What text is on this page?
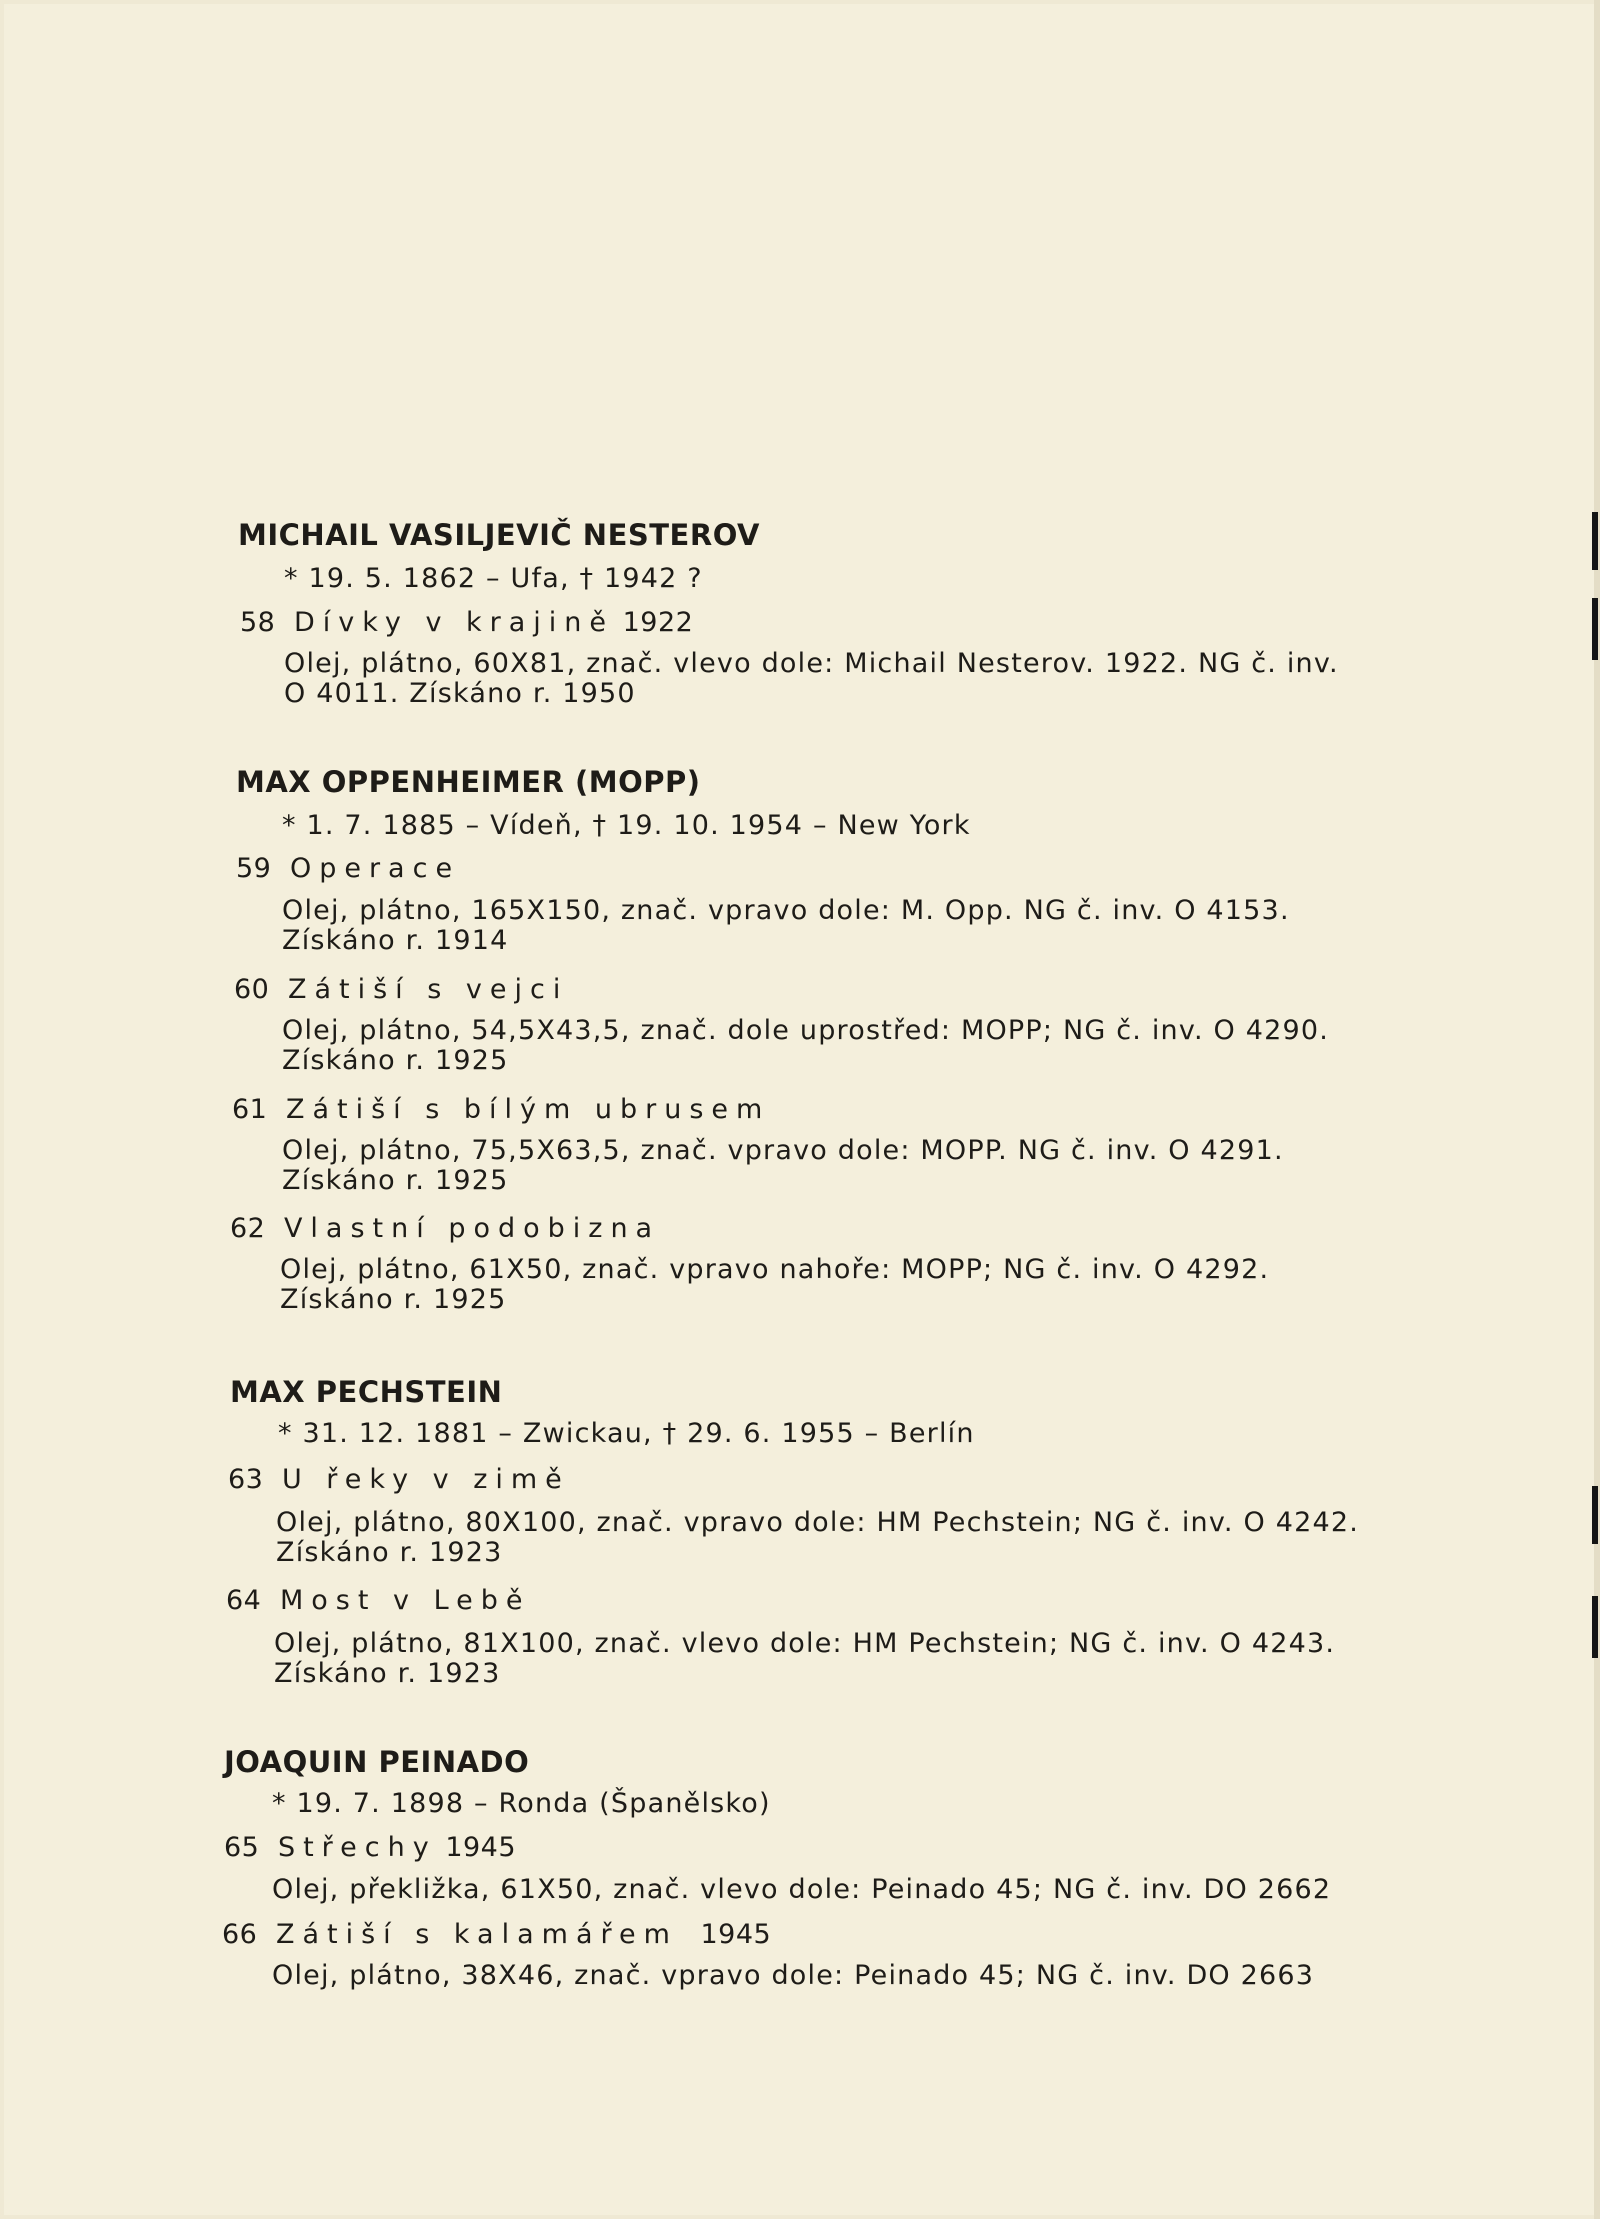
MICHAIL VASILJEVIČ NESTEROV
* 19. 5. 1862 – Ufa, † 1942 ?
58 Dívky v krajině 1922
Olej, plátno, 60X81, znač. vlevo dole: Michail Nesterov. 1922. NG č. inv.
O 4011. Získáno r. 1950
MAX OPPENHEIMER (MOPP)
* 1. 7. 1885 – Vídeň, † 19. 10. 1954 – New York
59 Operace
Olej, plátno, 165X150, znač. vpravo dole: M. Opp. NG č. inv. O 4153.
Získáno r. 1914
60 Zátiší s vejci
Olej, plátno, 54,5X43,5, znač. dole uprostřed: MOPP; NG č. inv. O 4290.
Získáno r. 1925
61 Zátiší s bílým ubrusem
Olej, plátno, 75,5X63,5, znač. vpravo dole: MOPP. NG č. inv. O 4291.
Získáno r. 1925
62 Vlastní podobizna
Olej, plátno, 61X50, znač. vpravo nahoře: MOPP; NG č. inv. O 4292.
Získáno r. 1925
MAX PECHSTEIN
* 31. 12. 1881 – Zwickau, † 29. 6. 1955 – Berlín
63 U řeky v zimě
Olej, plátno, 80X100, znač. vpravo dole: HM Pechstein; NG č. inv. O 4242.
Získáno r. 1923
64 Most v Lebě
Olej, plátno, 81X100, znač. vlevo dole: HM Pechstein; NG č. inv. O 4243.
Získáno r. 1923
JOAQUIN PEINADO
* 19. 7. 1898 – Ronda (Španělsko)
65 Střechy 1945
Olej, překližka, 61X50, znač. vlevo dole: Peinado 45; NG č. inv. DO 2662
66 Zátiší s kalamářem 1945
Olej, plátno, 38X46, znač. vpravo dole: Peinado 45; NG č. inv. DO 2663
